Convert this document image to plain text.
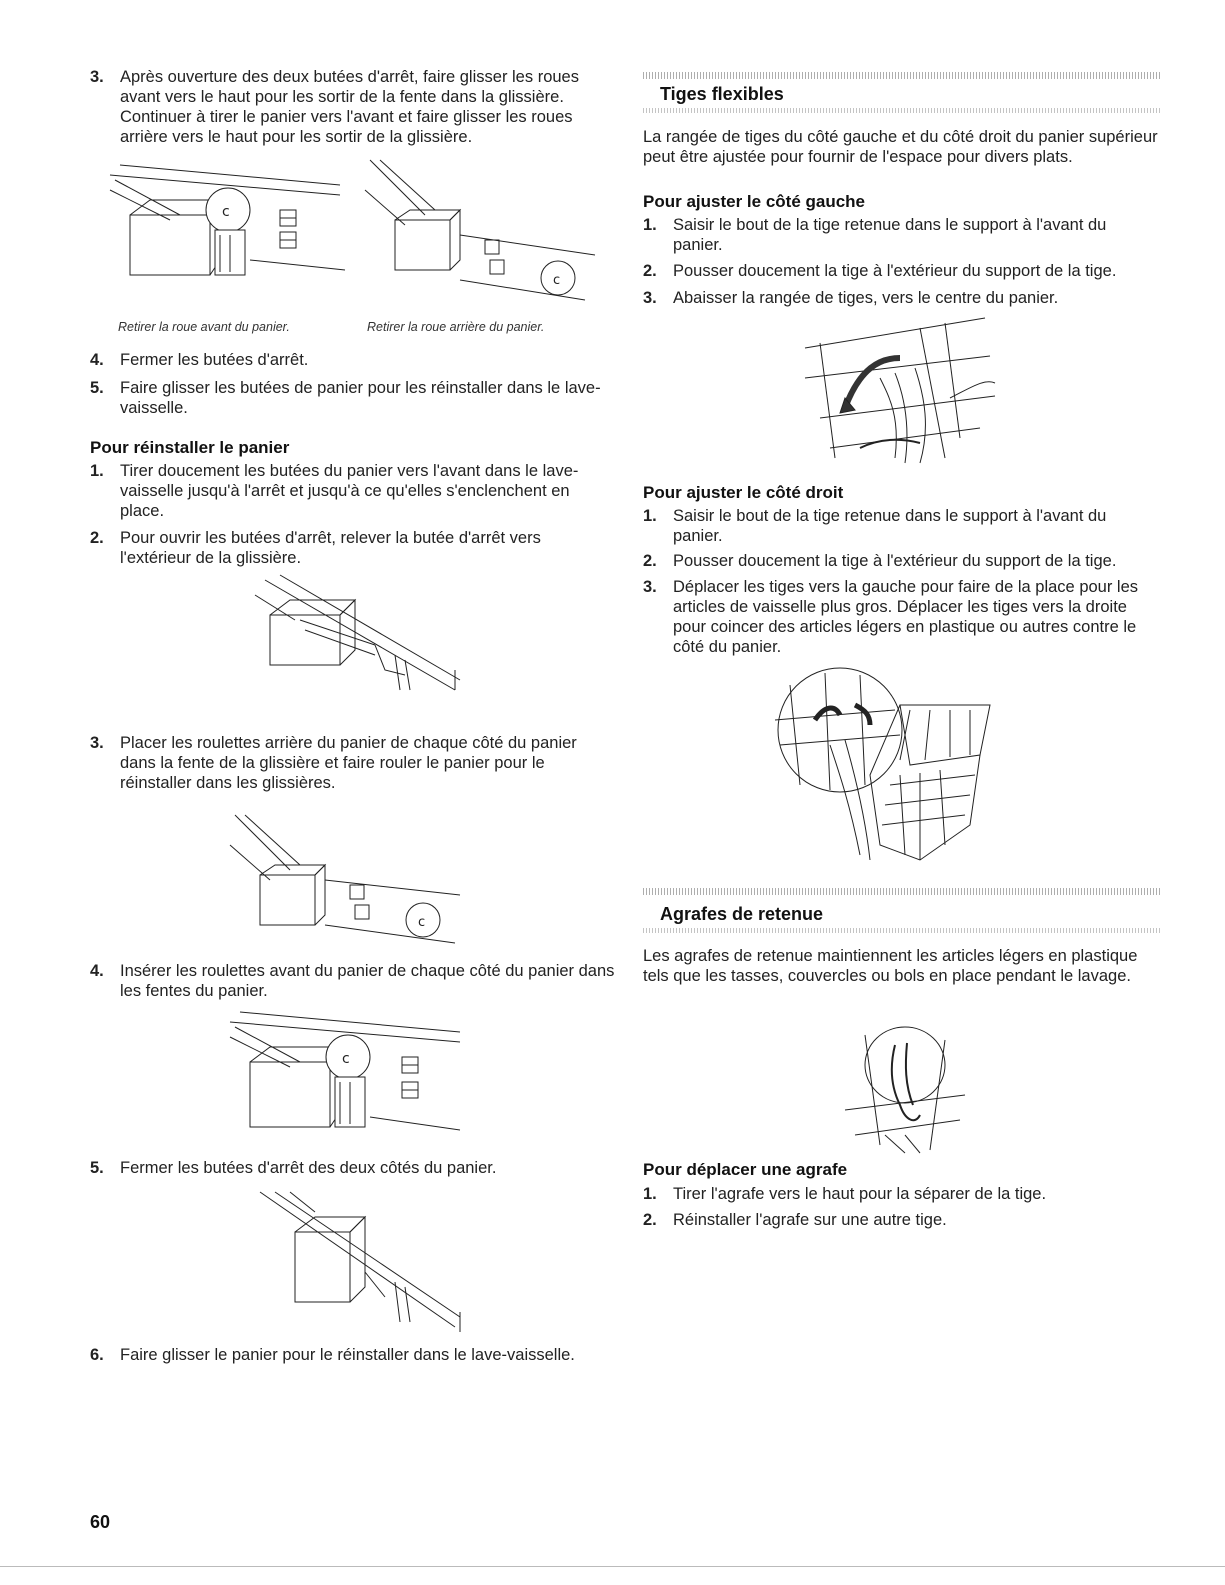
3. Après ouverture des deux butées d'arrêt, faire glisser les roues avant vers le haut pour les sortir de la fente dans la glissière. Continuer à tirer le panier vers l'avant et faire glisser les roues arrière vers le haut pour les sortir de la glissière.
c
c
Retirer la roue avant du panier.	Retirer la roue arrière du panier.
4. Fermer les butées d'arrêt.
5. Faire glisser les butées de panier pour les réinstaller dans le lave-vaisselle.
Pour réinstaller le panier
1. Tirer doucement les butées du panier vers l'avant dans le lave-vaisselle jusqu'à l'arrêt et jusqu'à ce qu'elles s'enclenchent en place.
2. Pour ouvrir les butées d'arrêt, relever la butée d'arrêt vers l'extérieur de la glissière.
3. Placer les roulettes arrière du panier de chaque côté du panier dans la fente de la glissière et faire rouler le panier pour le réinstaller dans les glissières.
c
4. Insérer les roulettes avant du panier de chaque côté du panier dans les fentes du panier.
c
5. Fermer les butées d'arrêt des deux côtés du panier.
6. Faire glisser le panier pour le réinstaller dans le lave-vaisselle.
60
Tiges flexibles
La rangée de tiges du côté gauche et du côté droit du panier supérieur peut être ajustée pour fournir de l'espace pour divers plats.
Pour ajuster le côté gauche
1. Saisir le bout de la tige retenue dans le support à l'avant du panier.
2. Pousser doucement la tige à l'extérieur du support de la tige.
3. Abaisser la rangée de tiges, vers le centre du panier.
Pour ajuster le côté droit
1. Saisir le bout de la tige retenue dans le support à l'avant du panier.
2. Pousser doucement la tige à l'extérieur du support de la tige.
3. Déplacer les tiges vers la gauche pour faire de la place pour les articles de vaisselle plus gros. Déplacer les tiges vers la droite pour coincer des articles légers en plastique ou autres contre le côté du panier.
Agrafes de retenue
Les agrafes de retenue maintiennent les articles légers en plastique tels que les tasses, couvercles ou bols en place pendant le lavage.
Pour déplacer une agrafe
1. Tirer l'agrafe vers le haut pour la séparer de la tige.
2. Réinstaller l'agrafe sur une autre tige.
